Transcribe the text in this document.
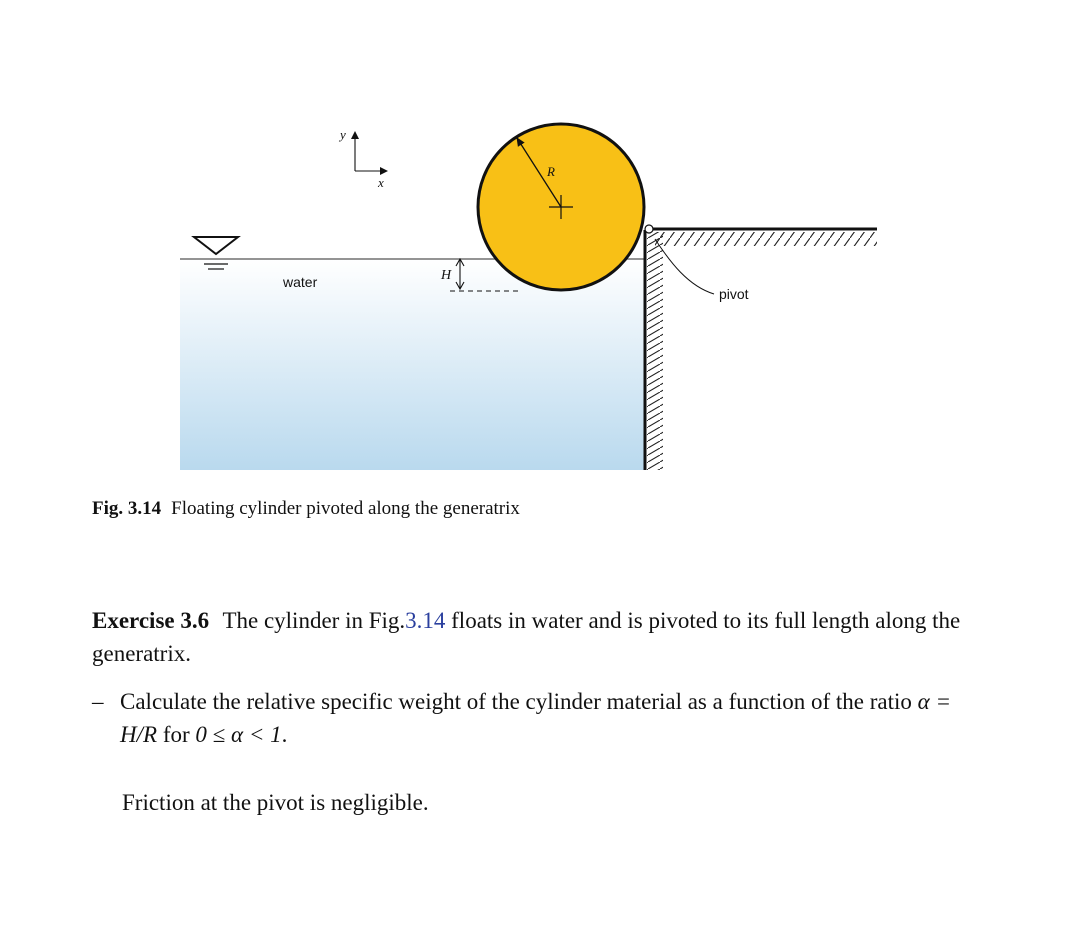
R
pivot
H
water
y
x
Fig. 3.14 Floating cylinder pivoted along the generatrix
Exercise 3.6 The cylinder in Fig.3.14 floats in water and is pivoted to its full length along the generatrix.
– Calculate the relative specific weight of the cylinder material as a function of the ratio α = H/R for 0 ≤ α < 1.
Friction at the pivot is negligible.
